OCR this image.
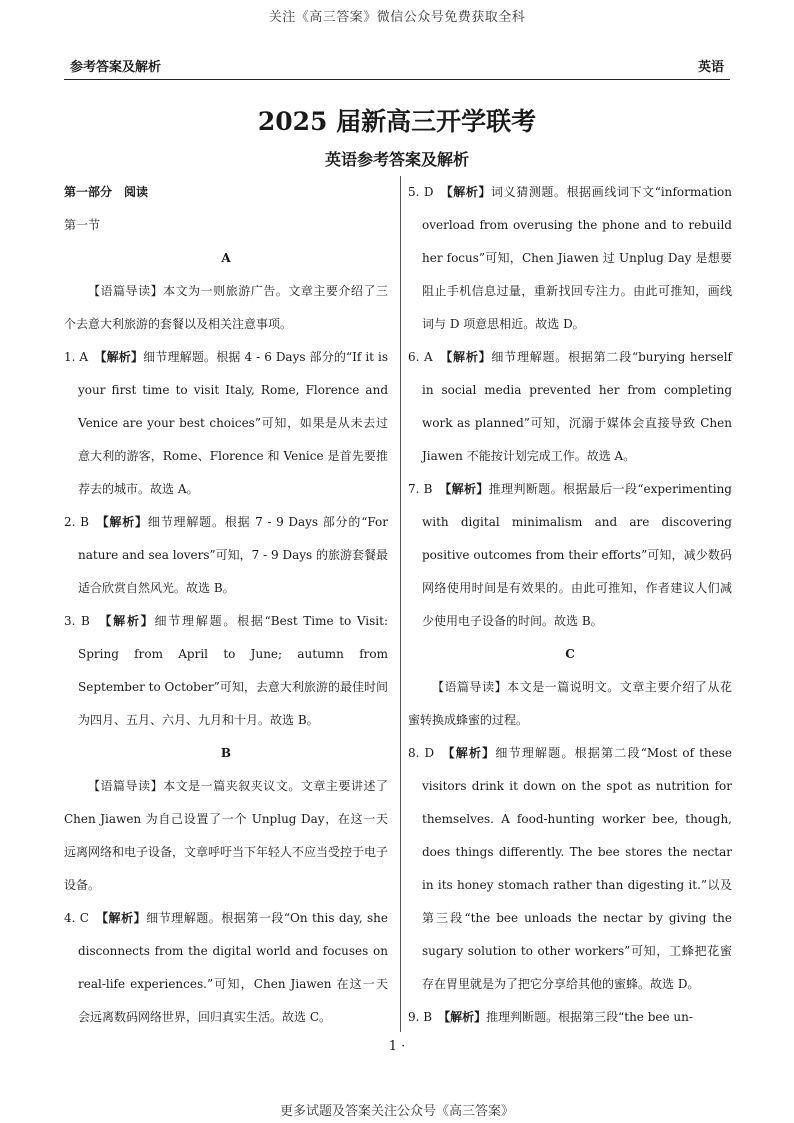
关注《高三答案》微信公众号免费获取全科
参考答案及解析	英语
2025 届新高三开学联考
英语参考答案及解析

第一部分　阅读

第一节

A

【语篇导读】本文为一则旅游广告。文章主要介绍了三个去意大利旅游的套餐以及相关注意事项。

1. A　【解析】细节理解题。根据 4 - 6 Days 部分的“If it is your first time to visit Italy, Rome, Florence and Venice are your best choices”可知，如果是从未去过意大利的游客，Rome、Florence 和 Venice 是首先要推荐去的城市。故选 A。

2. B　【解析】细节理解题。根据 7 - 9 Days 部分的“For nature and sea lovers”可知，7 - 9 Days 的旅游套餐最适合欣赏自然风光。故选 B。

3. B　【解析】细节理解题。根据“Best Time to Visit: Spring from April to June; autumn from September to October”可知，去意大利旅游的最佳时间为四月、五月、六月、九月和十月。故选 B。

B

【语篇导读】本文是一篇夹叙夹议文。文章主要讲述了 Chen Jiawen 为自己设置了一个 Unplug Day，在这一天远离网络和电子设备，文章呼吁当下年轻人不应当受控于电子设备。

4. C　【解析】细节理解题。根据第一段“On this day, she disconnects from the digital world and focuses on real-life experiences.”可知，Chen Jiawen 在这一天会远离数码网络世界，回归真实生活。故选 C。

5. D　【解析】词义猜测题。根据画线词下文“information overload from overusing the phone and to rebuild her focus”可知，Chen Jiawen 过 Unplug Day 是想要阻止手机信息过量，重新找回专注力。由此可推知，画线词与 D 项意思相近。故选 D。

6. A　【解析】细节理解题。根据第二段“burying herself in social media prevented her from completing work as planned”可知，沉溺于媒体会直接导致 Chen Jiawen 不能按计划完成工作。故选 A。

7. B　【解析】推理判断题。根据最后一段“experimenting with digital minimalism and are discovering positive outcomes from their efforts”可知，减少数码网络使用时间是有效果的。由此可推知，作者建议人们减少使用电子设备的时间。故选 B。

C

【语篇导读】本文是一篇说明文。文章主要介绍了从花蜜转换成蜂蜜的过程。

8. D　【解析】细节理解题。根据第二段“Most of these visitors drink it down on the spot as nutrition for themselves. A food-hunting worker bee, though, does things differently. The bee stores the nectar in its honey stomach rather than digesting it.”以及第三段“the bee unloads the nectar by giving the sugary solution to other workers”可知，工蜂把花蜜存在胃里就是为了把它分享给其他的蜜蜂。故选 D。

9. B　【解析】推理判断题。根据第三段“the bee un-

1 ·
更多试题及答案关注公众号《高三答案》
